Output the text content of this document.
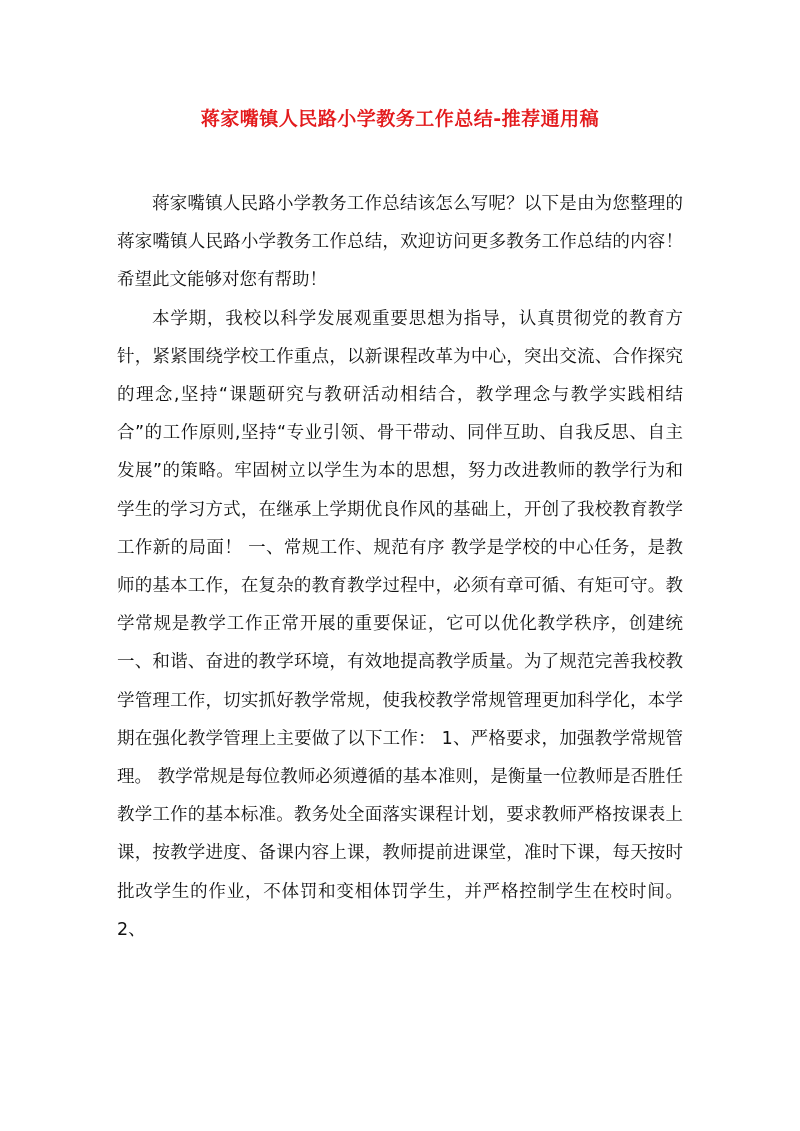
蒋家嘴镇人民路小学教务工作总结-推荐通用稿

蒋家嘴镇人民路小学教务工作总结该怎么写呢？以下是由为您整理的蒋家嘴镇人民路小学教务工作总结，欢迎访问更多教务工作总结的内容！希望此文能够对您有帮助！

本学期，我校以科学发展观重要思想为指导，认真贯彻党的教育方针，紧紧围绕学校工作重点，以新课程改革为中心，突出交流、合作探究的理念,坚持“课题研究与教研活动相结合，教学理念与教学实践相结合”的工作原则,坚持“专业引领、骨干带动、同伴互助、自我反思、自主发展”的策略。牢固树立以学生为本的思想，努力改进教师的教学行为和学生的学习方式，在继承上学期优良作风的基础上，开创了我校教育教学工作新的局面！ 一、常规工作、规范有序 教学是学校的中心任务，是教师的基本工作，在复杂的教育教学过程中，必须有章可循、有矩可守。教学常规是教学工作正常开展的重要保证，它可以优化教学秩序，创建统一、和谐、奋进的教学环境，有效地提高教学质量。为了规范完善我校教学管理工作，切实抓好教学常规，使我校教学常规管理更加科学化，本学期在强化教学管理上主要做了以下工作： 1、严格要求，加强教学常规管理。 教学常规是每位教师必须遵循的基本准则，是衡量一位教师是否胜任教学工作的基本标准。教务处全面落实课程计划，要求教师严格按课表上课，按教学进度、备课内容上课，教师提前进课堂，准时下课，每天按时批改学生的作业，不体罚和变相体罚学生，并严格控制学生在校时间。2、
